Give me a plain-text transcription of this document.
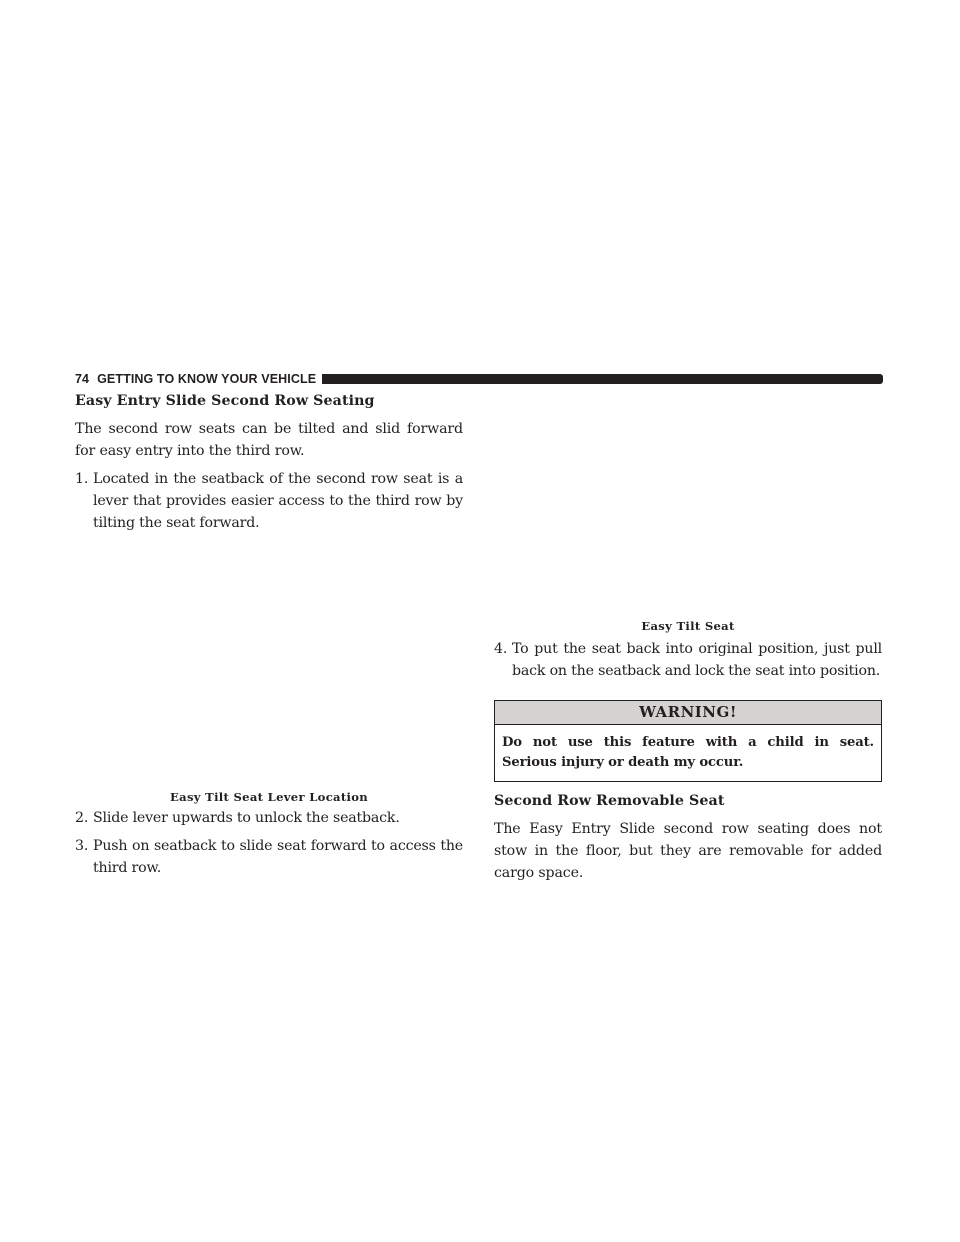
74 GETTING TO KNOW YOUR VEHICLE
Easy Entry Slide Second Row Seating

The second row seats can be tilted and slid forward for easy entry into the third row.

1. Located in the seatback of the second row seat is a lever that provides easier access to the third row by tilting the seat forward.
Easy Tilt Seat Lever Location
2. Slide lever upwards to unlock the seatback.
3. Push on seatback to slide seat forward to access the third row.
Easy Tilt Seat
4. To put the seat back into original position, just pull back on the seatback and lock the seat into position.
WARNING!
Do not use this feature with a child in seat. Serious injury or death my occur.
Second Row Removable Seat

The Easy Entry Slide second row seating does not stow in the floor, but they are removable for added cargo space.
